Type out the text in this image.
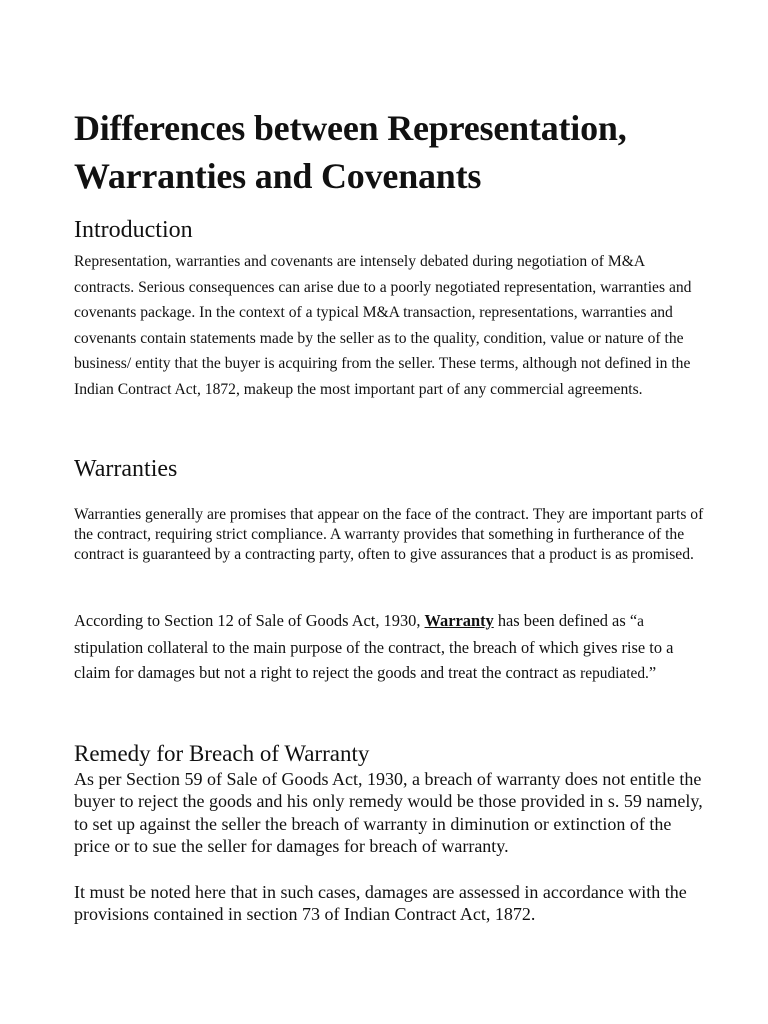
Differences between Representation, Warranties and Covenants
Introduction

Representation, warranties and covenants are intensely debated during negotiation of M&A contracts. Serious consequences can arise due to a poorly negotiated representation, warranties and covenants package. In the context of a typical M&A transaction, representations, warranties and covenants contain statements made by the seller as to the quality, condition, value or nature of the business/ entity that the buyer is acquiring from the seller. These terms, although not defined in the Indian Contract Act, 1872, makeup the most important part of any commercial agreements.

Warranties

Warranties generally are promises that appear on the face of the contract. They are important parts of the contract, requiring strict compliance. A warranty provides that something in furtherance of the contract is guaranteed by a contracting party, often to give assurances that a product is as promised.

According to Section 12 of Sale of Goods Act, 1930, Warranty has been defined as “a stipulation collateral to the main purpose of the contract, the breach of which gives rise to a claim for damages but not a right to reject the goods and treat the contract as repudiated.”

Remedy for Breach of Warranty

As per Section 59 of Sale of Goods Act, 1930, a breach of warranty does not entitle the buyer to reject the goods and his only remedy would be those provided in s. 59 namely, to set up against the seller the breach of warranty in diminution or extinction of the price or to sue the seller for damages for breach of warranty.

It must be noted here that in such cases, damages are assessed in accordance with the provisions contained in section 73 of Indian Contract Act, 1872.
